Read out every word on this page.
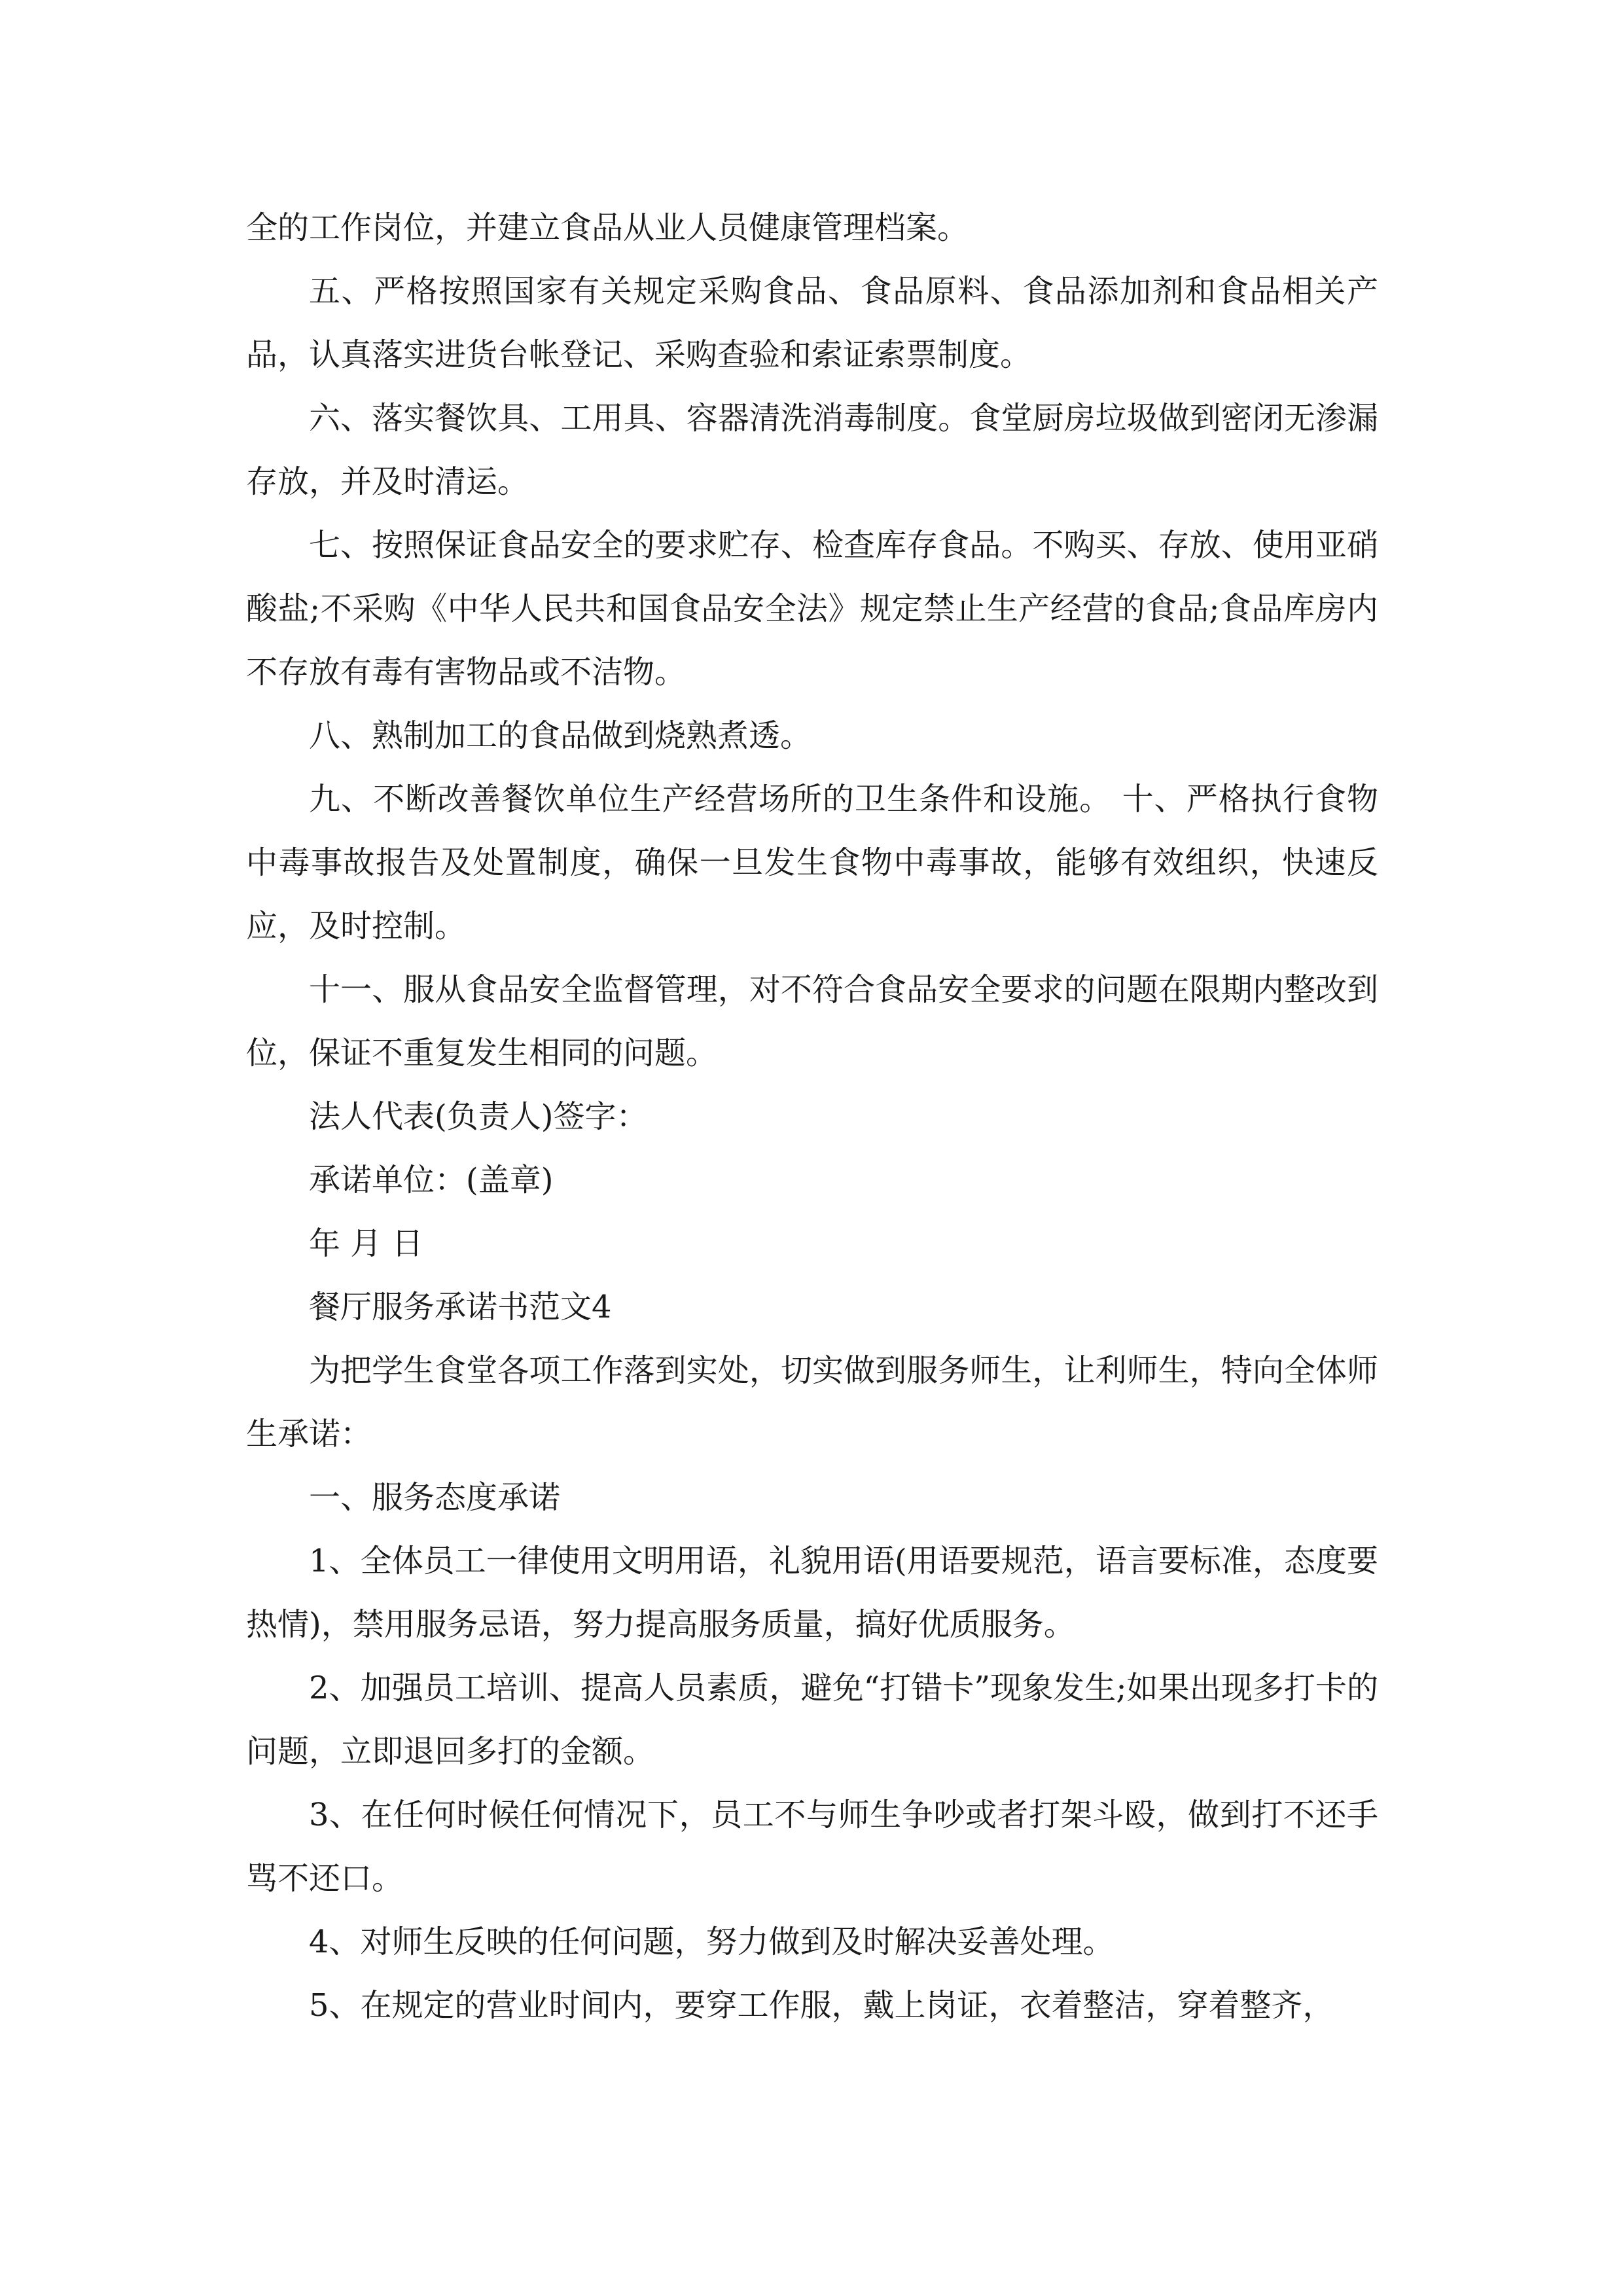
全的工作岗位，并建立食品从业人员健康管理档案。

五、严格按照国家有关规定采购食品、食品原料、食品添加剂和食品相关产品，认真落实进货台帐登记、采购查验和索证索票制度。

六、落实餐饮具、工用具、容器清洗消毒制度。食堂厨房垃圾做到密闭无渗漏存放，并及时清运。

七、按照保证食品安全的要求贮存、检查库存食品。不购买、存放、使用亚硝酸盐;不采购《中华人民共和国食品安全法》规定禁止生产经营的食品;食品库房内不存放有毒有害物品或不洁物。

八、熟制加工的食品做到烧熟煮透。

九、不断改善餐饮单位生产经营场所的卫生条件和设施。 十、严格执行食物中毒事故报告及处置制度，确保一旦发生食物中毒事故，能够有效组织，快速反应，及时控制。

十一、服从食品安全监督管理，对不符合食品安全要求的问题在限期内整改到位，保证不重复发生相同的问题。

法人代表(负责人)签字：

承诺单位：(盖章)

年 月 日

餐厅服务承诺书范文4

为把学生食堂各项工作落到实处，切实做到服务师生，让利师生，特向全体师生承诺：

一、服务态度承诺

1、全体员工一律使用文明用语，礼貌用语(用语要规范，语言要标准，态度要热情)，禁用服务忌语，努力提高服务质量，搞好优质服务。

2、加强员工培训、提高人员素质，避免“打错卡”现象发生;如果出现多打卡的问题，立即退回多打的金额。

3、在任何时候任何情况下，员工不与师生争吵或者打架斗殴，做到打不还手骂不还口。

4、对师生反映的任何问题，努力做到及时解决妥善处理。

5、在规定的营业时间内，要穿工作服，戴上岗证，衣着整洁，穿着整齐，
